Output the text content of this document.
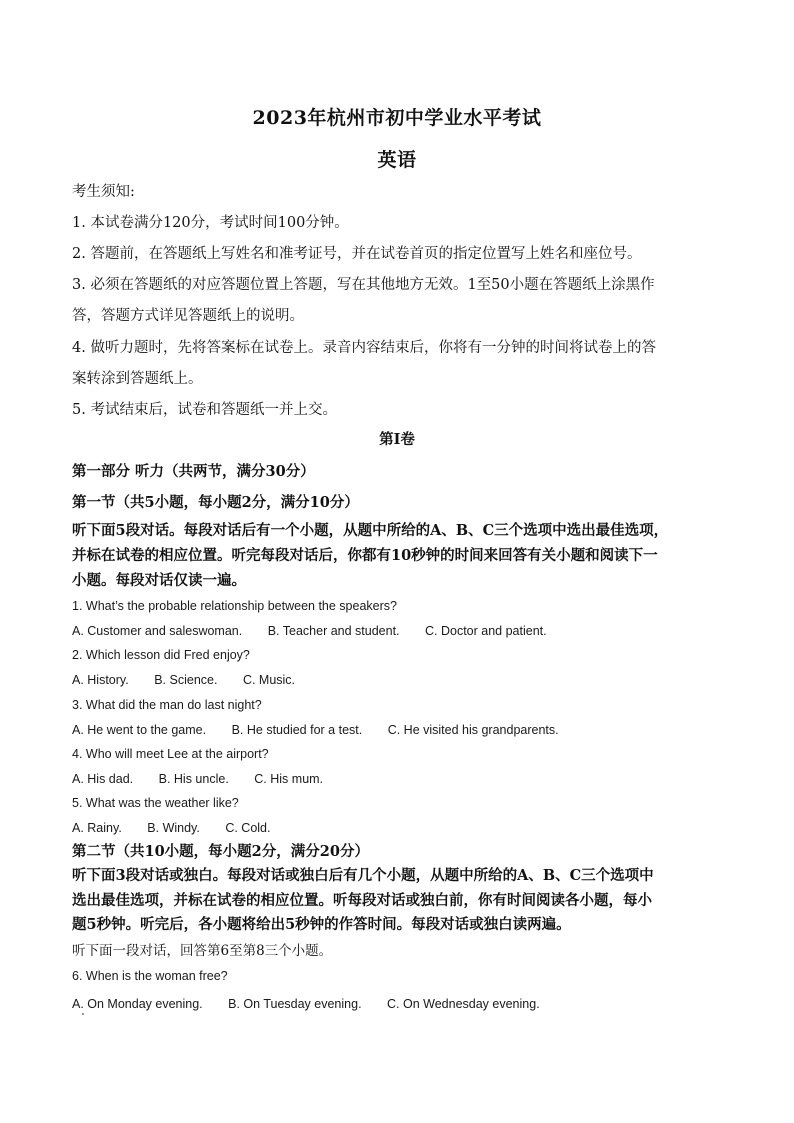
2023年杭州市初中学业水平考试
英语
考生须知:
1. 本试卷满分120分，考试时间100分钟。
2. 答题前，在答题纸上写姓名和准考证号，并在试卷首页的指定位置写上姓名和座位号。
3. 必须在答题纸的对应答题位置上答题，写在其他地方无效。1至50小题在答题纸上涂黑作
答，答题方式详见答题纸上的说明。
4. 做听力题时，先将答案标在试卷上。录音内容结束后，你将有一分钟的时间将试卷上的答
案转涂到答题纸上。
5. 考试结束后，试卷和答题纸一并上交。
第Ⅰ卷
第一部分 听力（共两节，满分30分）
第一节（共5小题，每小题2分，满分10分）
听下面5段对话。每段对话后有一个小题，从题中所给的A、B、C三个选项中选出最佳选项，
并标在试卷的相应位置。听完每段对话后，你都有10秒钟的时间来回答有关小题和阅读下一
小题。每段对话仅读一遍。
1. What’s the probable relationship between the speakers?
A. Customer and saleswoman. B. Teacher and student. C. Doctor and patient.
2. Which lesson did Fred enjoy?
A. History. B. Science. C. Music.
3. What did the man do last night?
A. He went to the game. B. He studied for a test. C. He visited his grandparents.
4. Who will meet Lee at the airport?
A. His dad. B. His uncle. C. His mum.
5. What was the weather like?
A. Rainy. B. Windy. C. Cold.
第二节（共10小题，每小题2分，满分20分）
听下面3段对话或独白。每段对话或独白后有几个小题，从题中所给的A、B、C三个选项中
选出最佳选项，并标在试卷的相应位置。听每段对话或独白前，你有时间阅读各小题，每小
题5秒钟。听完后，各小题将给出5秒钟的作答时间。每段对话或独白读两遍。
听下面一段对话，回答第6至第8三个小题。
6. When is the woman free?
A. On Monday evening. B. On Tuesday evening. C. On Wednesday evening.
